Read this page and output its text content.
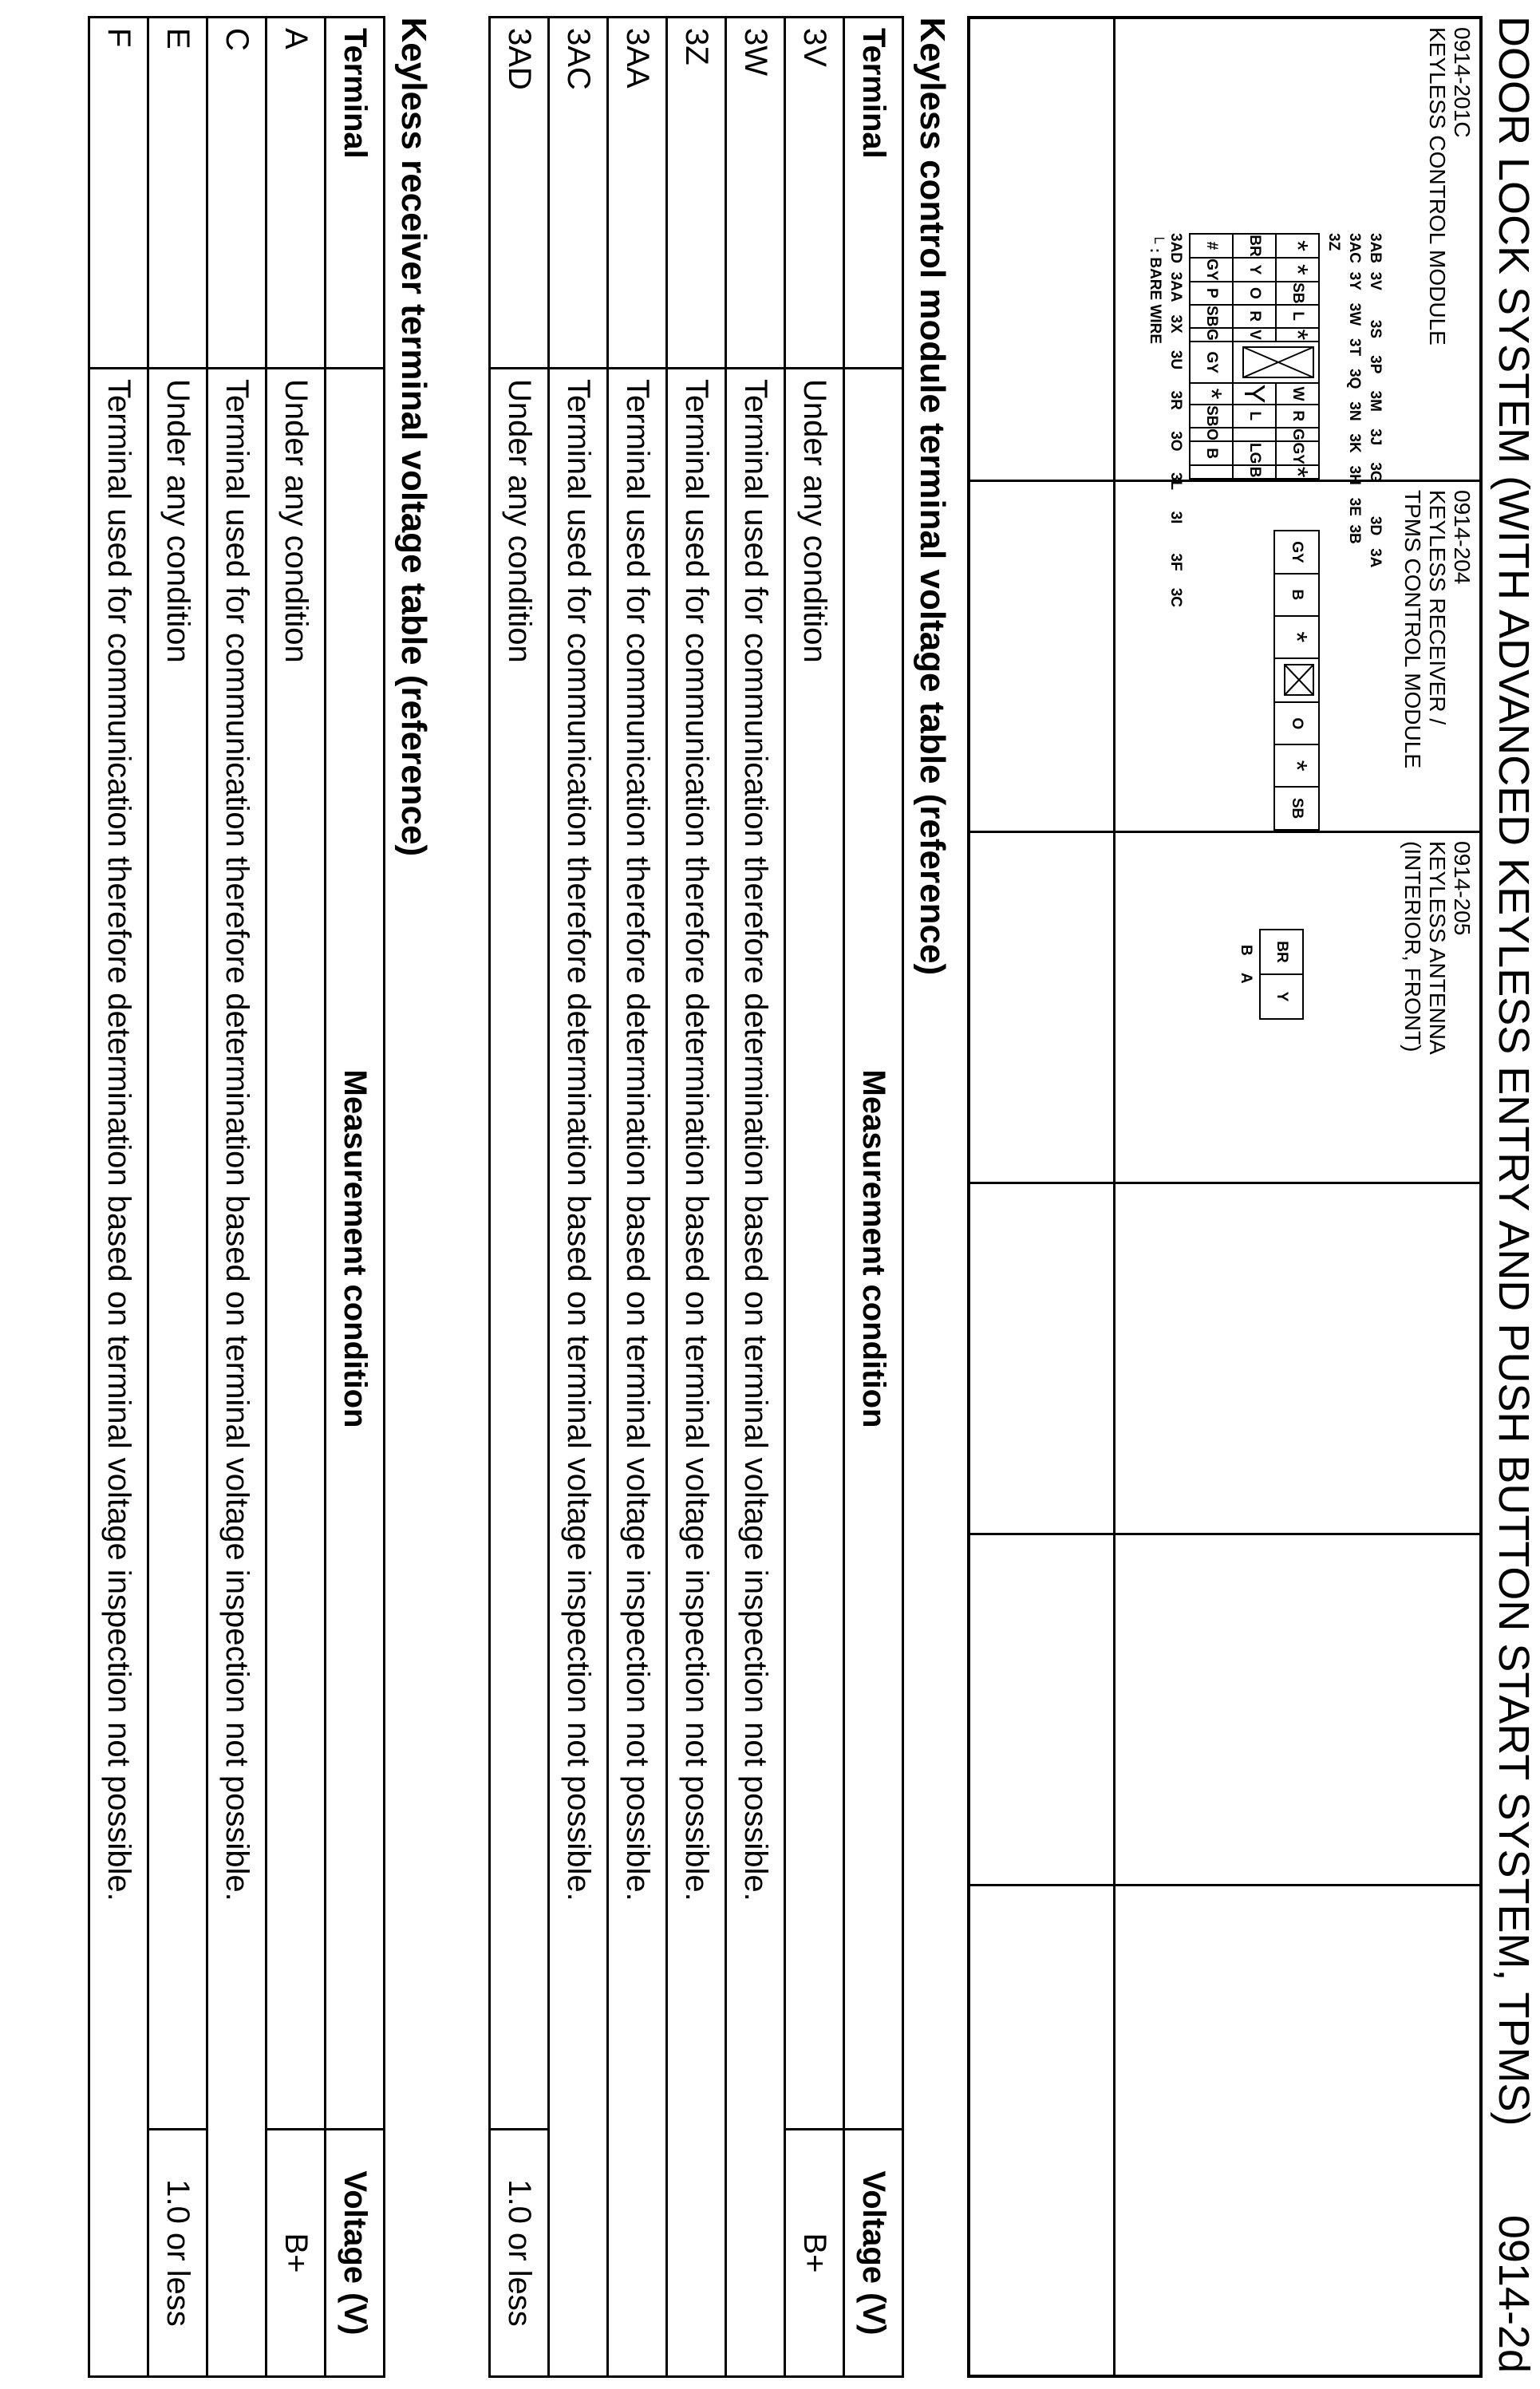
DOOR LOCK SYSTEM (WITH ADVANCED KEYLESS ENTRY AND PUSH BUTTON START SYSTEM, TPMS)
0914-2d
0914-201C
KEYLESS CONTROL MODULE
3AB  3V       3S    3P    3M    3J    3G        3D   3A
3AC  3Y   3W   3T   3Q   3N   3K   3H   3E  3B
3Z
*	*	SB	L	*		W	R	G	GY	*
BR	Y	O	R	V		Y	L		LG	B
#	GY	P	SB	G	GY	*	SB	O	B	
3AD  3AA   3X    3U     3R     3O     3L     3I       3F    3C
└ : BARE WIRE
0914-204
KEYLESS RECEIVER /
TPMS CONTROL MODULE
GY	B	*		O	*	SB
0914-205
KEYLESS ANTENNA
(INTERIOR, FRONT)
BR	Y
B    A
Keyless control module terminal voltage table (reference)		
Terminal	Measurement condition	Voltage (V)
3V	Under any condition	B+
3W	Terminal used for communication therefore determination based on terminal voltage inspection not possible.	
3Z	Terminal used for communication therefore determination based on terminal voltage inspection not possible.	
3AA	Terminal used for communication therefore determination based on terminal voltage inspection not possible.	
3AC	Terminal used for communication therefore determination based on terminal voltage inspection not possible.	
3AD	Under any condition	1.0 or less
Keyless receiver terminal voltage table (reference)		
Terminal	Measurement condition	Voltage (V)
A	Under any condition	B+
C	Terminal used for communication therefore determination based on terminal voltage inspection not possible.	
E	Under any condition	1.0 or less
F	Terminal used for communication therefore determination based on terminal voltage inspection not possible.	
